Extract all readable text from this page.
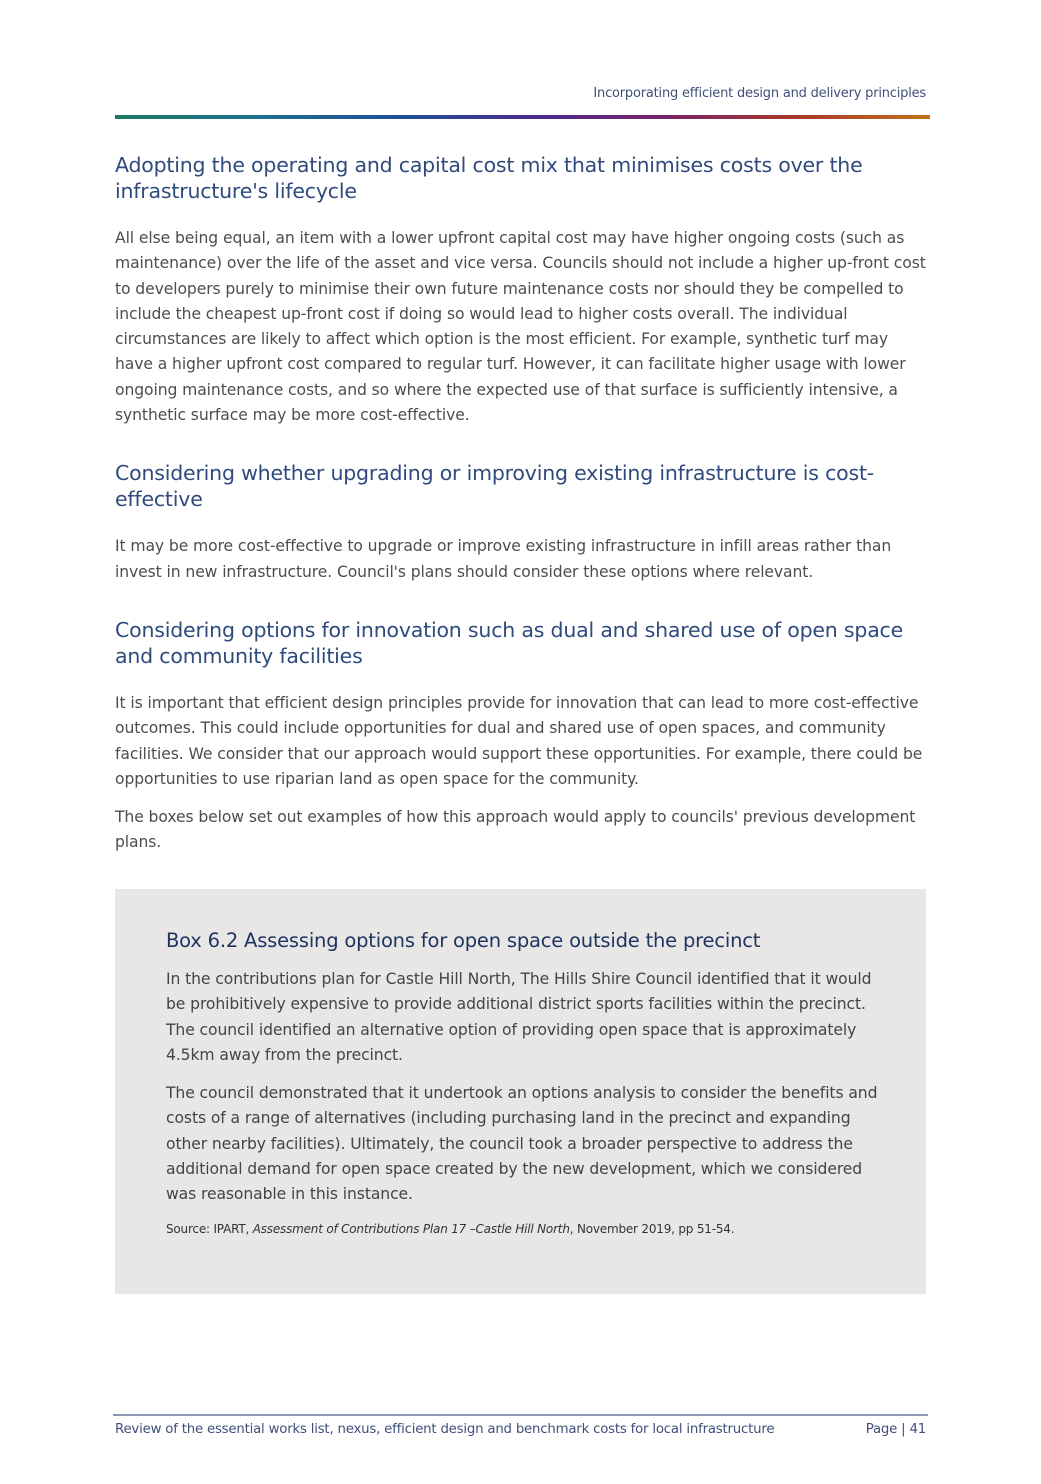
Incorporating efficient design and delivery principles
Adopting the operating and capital cost mix that minimises costs over the infrastructure's lifecycle

All else being equal, an item with a lower upfront capital cost may have higher ongoing costs (such as maintenance) over the life of the asset and vice versa. Councils should not include a higher up-front cost to developers purely to minimise their own future maintenance costs nor should they be compelled to include the cheapest up-front cost if doing so would lead to higher costs overall. The individual circumstances are likely to affect which option is the most efficient. For example, synthetic turf may have a higher upfront cost compared to regular turf. However, it can facilitate higher usage with lower ongoing maintenance costs, and so where the expected use of that surface is sufficiently intensive, a synthetic surface may be more cost-effective.

Considering whether upgrading or improving existing infrastructure is cost-effective

It may be more cost-effective to upgrade or improve existing infrastructure in infill areas rather than invest in new infrastructure. Council's plans should consider these options where relevant.

Considering options for innovation such as dual and shared use of open space and community facilities

It is important that efficient design principles provide for innovation that can lead to more cost-effective outcomes. This could include opportunities for dual and shared use of open spaces, and community facilities. We consider that our approach would support these opportunities. For example, there could be opportunities to use riparian land as open space for the community.

The boxes below set out examples of how this approach would apply to councils' previous development plans.

Box 6.2 Assessing options for open space outside the precinct

In the contributions plan for Castle Hill North, The Hills Shire Council identified that it would be prohibitively expensive to provide additional district sports facilities within the precinct. The council identified an alternative option of providing open space that is approximately 4.5km away from the precinct.

The council demonstrated that it undertook an options analysis to consider the benefits and costs of a range of alternatives (including purchasing land in the precinct and expanding other nearby facilities). Ultimately, the council took a broader perspective to address the additional demand for open space created by the new development, which we considered was reasonable in this instance.

Source: IPART, Assessment of Contributions Plan 17 –Castle Hill North, November 2019, pp 51-54.
Review of the essential works list, nexus, efficient design and benchmark costs for local infrastructure	Page | 41
